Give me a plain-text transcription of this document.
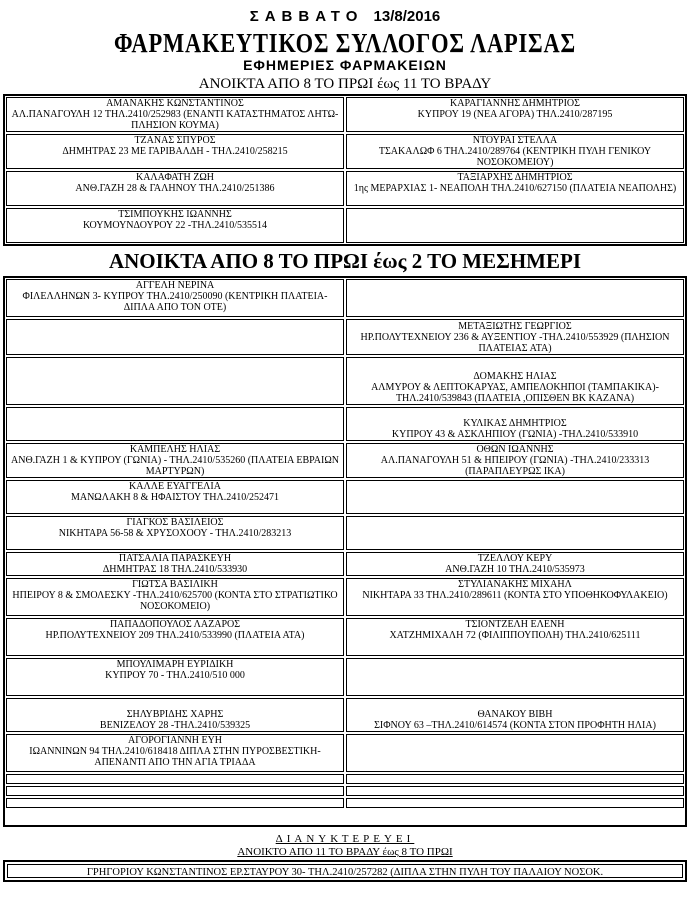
ΣΑΒΒΑΤΟ 13/8/2016
ΦΑΡΜΑΚΕΥΤΙΚΟΣ ΣΥΛΛΟΓΟΣ ΛΑΡΙΣΑΣ
ΕΦΗΜΕΡΙΕΣ ΦΑΡΜΑΚΕΙΩΝ
ΑΝΟΙΚΤΑ ΑΠΟ 8 ΤΟ ΠΡΩΙ έως 11 ΤΟ ΒΡΑΔΥ
ΑΜΑΝΑΚΗΣ ΚΩΝΣΤΑΝΤΙΝΟΣ
ΑΛ.ΠΑΝΑΓΟΥΛΗ 12 ΤΗΛ.2410/252983 (ΕΝΑΝΤΙ ΚΑΤΑΣΤΗΜΑΤΟΣ ΛΗΤΩ-ΠΛΗΣΙΟΝ ΚΟΥΜΑ)
ΚΑΡΑΓΙΑΝΝΗΣ ΔΗΜΗΤΡΙΟΣ
ΚΥΠΡΟΥ 19 (ΝΕΑ ΑΓΟΡΑ) ΤΗΛ.2410/287195
ΤΖΑΝΑΣ ΣΠΥΡΟΣ
ΔΗΜΗΤΡΑΣ 23 ΜΕ ΓΑΡΙΒΑΛΔΗ - ΤΗΛ.2410/258215
ΝΤΟΥΡΑΙ ΣΤΕΛΛΑ
ΤΣΑΚΑΛΩΦ 6 ΤΗΛ.2410/289764 (ΚΕΝΤΡΙΚΗ ΠΥΛΗ ΓΕΝΙΚΟΥ ΝΟΣΟΚΟΜΕΙΟΥ)
ΚΑΛΑΦΑΤΗ ΖΩΗ
ΑΝΘ.ΓΑΖΗ 28 & ΓΑΛΗΝΟΥ ΤΗΛ.2410/251386
ΤΑΞΙΑΡΧΗΣ ΔΗΜΗΤΡΙΟΣ
1ης ΜΕΡΑΡΧΙΑΣ 1- ΝΕΑΠΟΛΗ ΤΗΛ.2410/627150 (ΠΛΑΤΕΙΑ ΝΕΑΠΟΛΗΣ)
ΤΣΙΜΠΟΥΚΗΣ ΙΩΑΝΝΗΣ
ΚΟΥΜΟΥΝΔΟΥΡΟΥ 22 -ΤΗΛ.2410/535514
ΑΝΟΙΚΤΑ ΑΠΟ 8 ΤΟ ΠΡΩΙ έως 2 ΤΟ ΜΕΣΗΜΕΡΙ
ΑΓΓΕΛΗ ΝΕΡΙΝΑ
ΦΙΛΕΛΛΗΝΩΝ 3- ΚΥΠΡΟΥ ΤΗΛ.2410/250090 (ΚΕΝΤΡΙΚΗ ΠΛΑΤΕΙΑ- ΔΙΠΛΑ ΑΠΟ ΤΟΝ ΟΤΕ)
ΜΕΤΑΞΙΩΤΗΣ ΓΕΩΡΓΙΟΣ
ΗΡ.ΠΟΛΥΤΕΧΝΕΙΟΥ 236 & ΑΥΞΕΝΤΙΟΥ -ΤΗΛ.2410/553929 (ΠΛΗΣΙΟΝ ΠΛΑΤΕΙΑΣ ΑΤΑ)
ΔΟΜΑΚΗΣ ΗΛΙΑΣ
ΑΛΜΥΡΟΥ & ΛΕΠΤΟΚΑΡΥΑΣ, ΑΜΠΕΛΟΚΗΠΟΙ (ΤΑΜΠΑΚΙΚΑ)-ΤΗΛ.2410/539843 (ΠΛΑΤΕΙΑ ,ΟΠΙΣΘΕΝ ΒΚ ΚΑΖΑΝΑ)
ΚΥΛΙΚΑΣ ΔΗΜΗΤΡΙΟΣ
ΚΥΠΡΟΥ 43 & ΑΣΚΛΗΠΙΟΥ (ΓΩΝΙΑ) -ΤΗΛ.2410/533910
ΚΑΜΠΕΛΗΣ ΗΛΙΑΣ
ΑΝΘ.ΓΑΖΗ 1 & ΚΥΠΡΟΥ (ΓΩΝΙΑ) - ΤΗΛ.2410/535260 (ΠΛΑΤΕΙΑ ΕΒΡΑΙΩΝ ΜΑΡΤΥΡΩΝ)
ΟΘΩΝ ΙΩΑΝΝΗΣ
ΑΛ.ΠΑΝΑΓΟΥΛΗ 51 & ΗΠΕΙΡΟΥ (ΓΩΝΙΑ) -ΤΗΛ.2410/233313 (ΠΑΡΑΠΛΕΥΡΩΣ ΙΚΑ)
ΚΑΛΛΕ ΕΥΑΓΓΕΛΙΑ
ΜΑΝΩΛΑΚΗ 8 & ΗΦΑΙΣΤΟΥ ΤΗΛ.2410/252471
ΓΙΑΓΚΟΣ ΒΑΣΙΛΕΙΟΣ
ΝΙΚΗΤΑΡΑ 56-58 & ΧΡΥΣΟΧΟΟΥ - ΤΗΛ.2410/283213
ΠΑΤΣΑΛΙΑ ΠΑΡΑΣΚΕΥΗ
ΔΗΜΗΤΡΑΣ 18 ΤΗΛ.2410/533930
ΤΖΕΛΛΟΥ ΚΕΡΥ
ΑΝΘ.ΓΑΖΗ 10 ΤΗΛ.2410/535973
ΓΙΩΤΣΑ ΒΑΣΙΛΙΚΗ
ΗΠΕΙΡΟΥ 8 & ΣΜΟΛΕΣΚΥ -ΤΗΛ.2410/625700 (ΚΟΝΤΑ ΣΤΟ ΣΤΡΑΤΙΩΤΙΚΟ ΝΟΣΟΚΟΜΕΙΟ)
ΣΤΥΛΙΑΝΑΚΗΣ ΜΙΧΑΗΛ
ΝΙΚΗΤΑΡΑ 33 ΤΗΛ.2410/289611 (ΚΟΝΤΑ ΣΤΟ ΥΠΟΘΗΚΟΦΥΛΑΚΕΙΟ)
ΠΑΠΑΔΟΠΟΥΛΟΣ ΛΑΖΑΡΟΣ
ΗΡ.ΠΟΛΥΤΕΧΝΕΙΟΥ 209 ΤΗΛ.2410/533990 (ΠΛΑΤΕΙΑ ΑΤΑ)
ΤΣΙΟΝΤΖΕΛΗ ΕΛΕΝΗ
ΧΑΤΖΗΜΙΧΑΛΗ 72 (ΦΙΛΙΠΠΟΥΠΟΛΗ) ΤΗΛ.2410/625111
ΜΠΟΥΛΙΜΑΡΗ ΕΥΡΙΔΙΚΗ
ΚΥΠΡΟΥ 70 - ΤΗΛ.2410/510 000
ΣΗΛΥΒΡΙΔΗΣ ΧΑΡΗΣ
ΒΕΝΙΖΕΛΟΥ 28 -ΤΗΛ.2410/539325
ΘΑΝΑΚΟΥ ΒΙΒΗ
ΣΙΦΝΟΥ 63 –ΤΗΛ.2410/614574 (ΚΟΝΤΑ ΣΤΟΝ ΠΡΟΦΗΤΗ ΗΛΙΑ)
ΑΓΟΡΟΓΙΑΝΝΗ ΕΥΗ
ΙΩΑΝΝΙΝΩΝ 94 ΤΗΛ.2410/618418 ΔΙΠΛΑ ΣΤΗΝ ΠΥΡΟΣΒΕΣΤΙΚΗ-ΑΠΕΝΑΝΤΙ ΑΠΟ ΤΗΝ ΑΓΙΑ ΤΡΙΑΔΑ
ΔΙΑΝΥΚΤΕΡΕΥΕΙ
ΑΝΟΙΚΤΟ ΑΠΟ 11 ΤΟ ΒΡΑΔΥ έως 8 ΤΟ ΠΡΩΙ
ΓΡΗΓΟΡΙΟΥ ΚΩΝΣΤΑΝΤΙΝΟΣ ΕΡ.ΣΤΑΥΡΟΥ 30- ΤΗΛ.2410/257282 (ΔΙΠΛΑ ΣΤΗΝ ΠΥΛΗ ΤΟΥ ΠΑΛΑΙΟΥ ΝΟΣΟΚ.
